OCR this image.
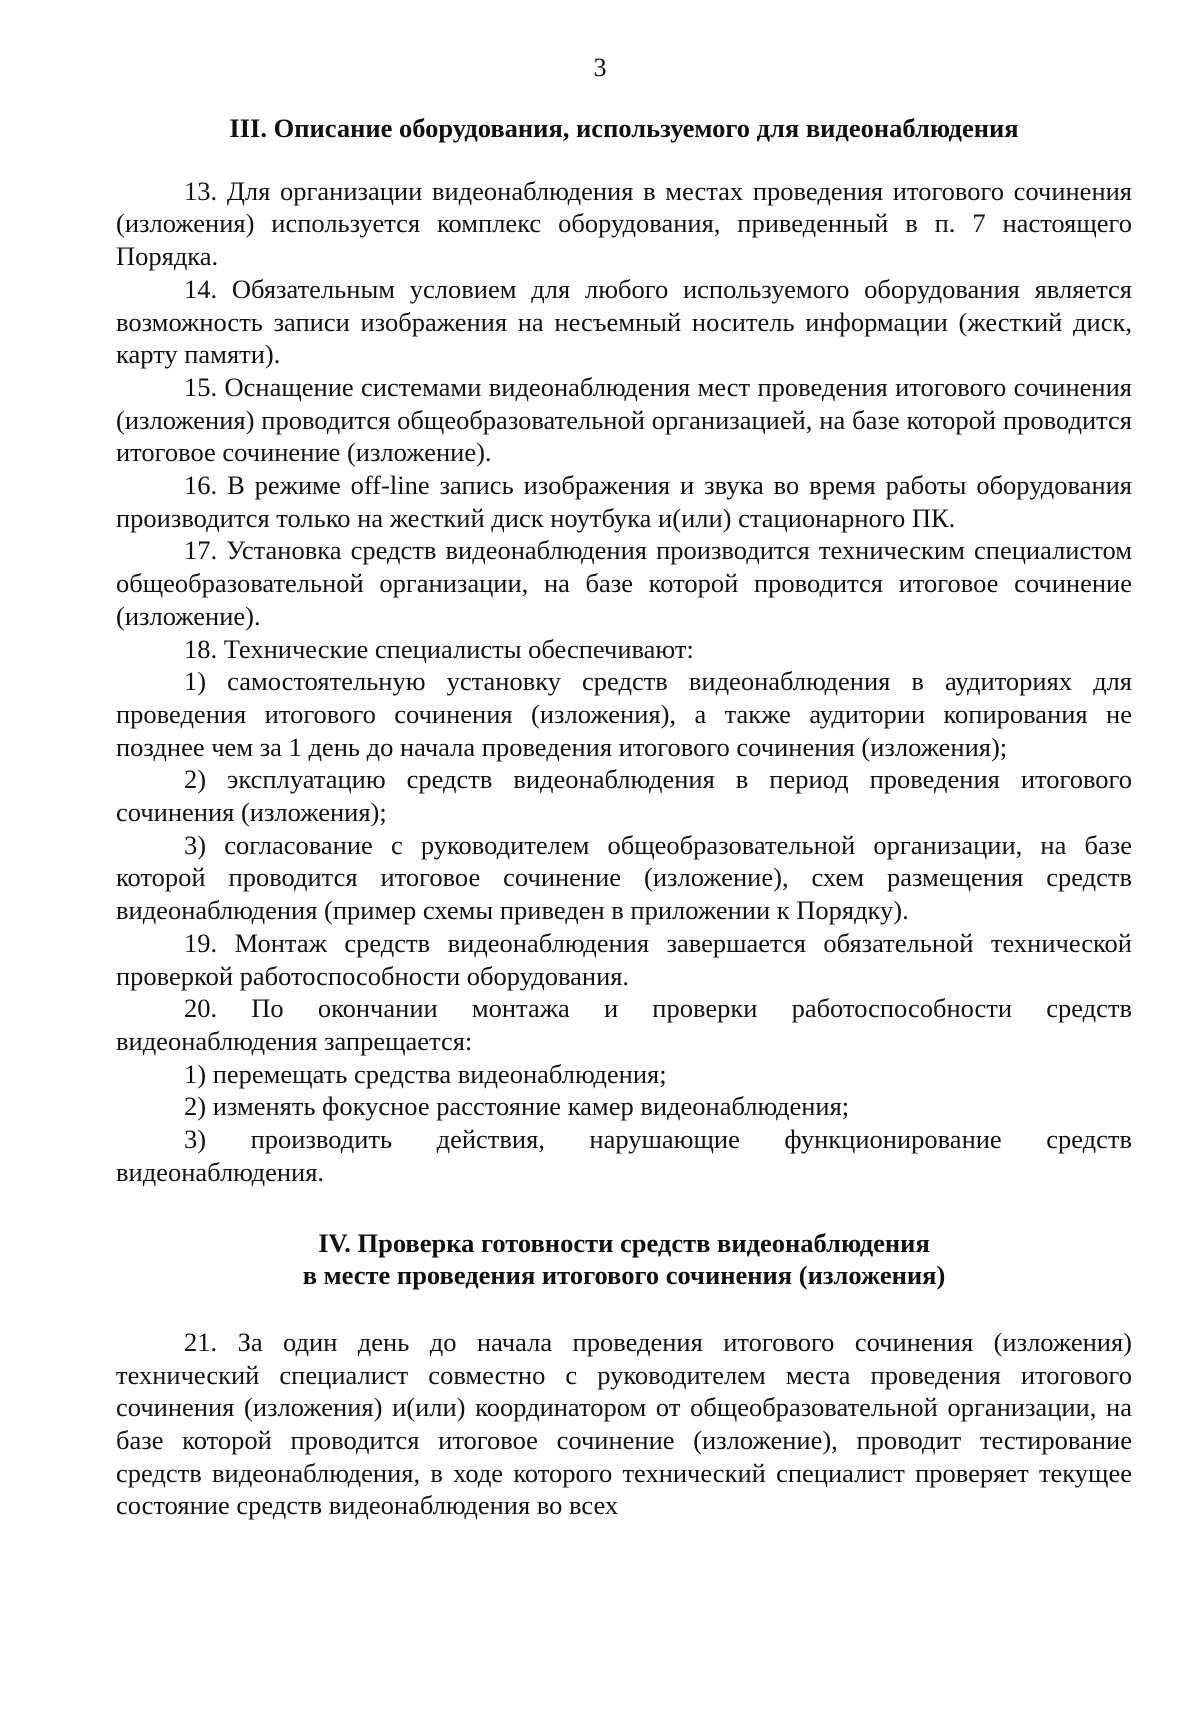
3
III. Описание оборудования, используемого для видеонаблюдения

13. Для организации видеонаблюдения в местах проведения итогового сочинения (изложения) используется комплекс оборудования, приведенный в п. 7 настоящего Порядка.

14. Обязательным условием для любого используемого оборудования является возможность записи изображения на несъемный носитель информации (жесткий диск, карту памяти).

15. Оснащение системами видеонаблюдения мест проведения итогового сочинения (изложения) проводится общеобразовательной организацией, на базе которой проводится итоговое сочинение (изложение).

16. В режиме off-line запись изображения и звука во время работы оборудования производится только на жесткий диск ноутбука и(или) стационарного ПК.

17. Установка средств видеонаблюдения производится техническим специалистом общеобразовательной организации, на базе которой проводится итоговое сочинение (изложение).

18. Технические специалисты обеспечивают:

1) самостоятельную установку средств видеонаблюдения в аудиториях для проведения итогового сочинения (изложения), а также аудитории копирования не позднее чем за 1 день до начала проведения итогового сочинения (изложения);

2) эксплуатацию средств видеонаблюдения в период проведения итогового сочинения (изложения);

3) согласование с руководителем общеобразовательной организации, на базе которой проводится итоговое сочинение (изложение), схем размещения средств видеонаблюдения (пример схемы приведен в приложении к Порядку).

19. Монтаж средств видеонаблюдения завершается обязательной технической проверкой работоспособности оборудования.

20. По окончании монтажа и проверки работоспособности средств видеонаблюдения запрещается:

1) перемещать средства видеонаблюдения;

2) изменять фокусное расстояние камер видеонаблюдения;

3) производить действия, нарушающие функционирование средств видеонаблюдения.

IV. Проверка готовности средств видеонаблюдения
в месте проведения итогового сочинения (изложения)

21. За один день до начала проведения итогового сочинения (изложения) технический специалист совместно с руководителем места проведения итогового сочинения (изложения) и(или) координатором от общеобразовательной организации, на базе которой проводится итоговое сочинение (изложение), проводит тестирование средств видеонаблюдения, в ходе которого технический специалист проверяет текущее состояние средств видеонаблюдения во всех
